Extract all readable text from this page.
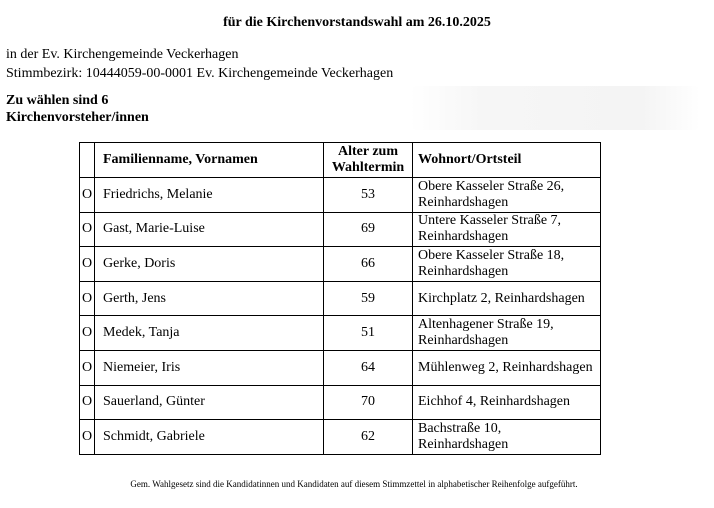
für die Kirchenvorstandswahl am 26.10.2025
in der Ev. Kirchengemeinde Veckerhagen
Stimmbezirk: 10444059-00-0001 Ev. Kirchengemeinde Veckerhagen
Zu wählen sind 6
Kirchenvorsteher/innen
	Familienname, Vornamen	Alter zum Wahltermin	Wohnort/Ortsteil
O	Friedrichs, Melanie	53	Obere Kasseler Straße 26, Reinhardshagen
O	Gast, Marie-Luise	69	Untere Kasseler Straße 7, Reinhardshagen
O	Gerke, Doris	66	Obere Kasseler Straße 18, Reinhardshagen
O	Gerth, Jens	59	Kirchplatz 2, Reinhardshagen
O	Medek, Tanja	51	Altenhagener Straße 19, Reinhardshagen
O	Niemeier, Iris	64	Mühlenweg 2, Reinhardshagen
O	Sauerland, Günter	70	Eichhof 4, Reinhardshagen
O	Schmidt, Gabriele	62	Bachstraße 10, Reinhardshagen
Gem. Wahlgesetz sind die Kandidatinnen und Kandidaten auf diesem Stimmzettel in alphabetischer Reihenfolge aufgeführt.
